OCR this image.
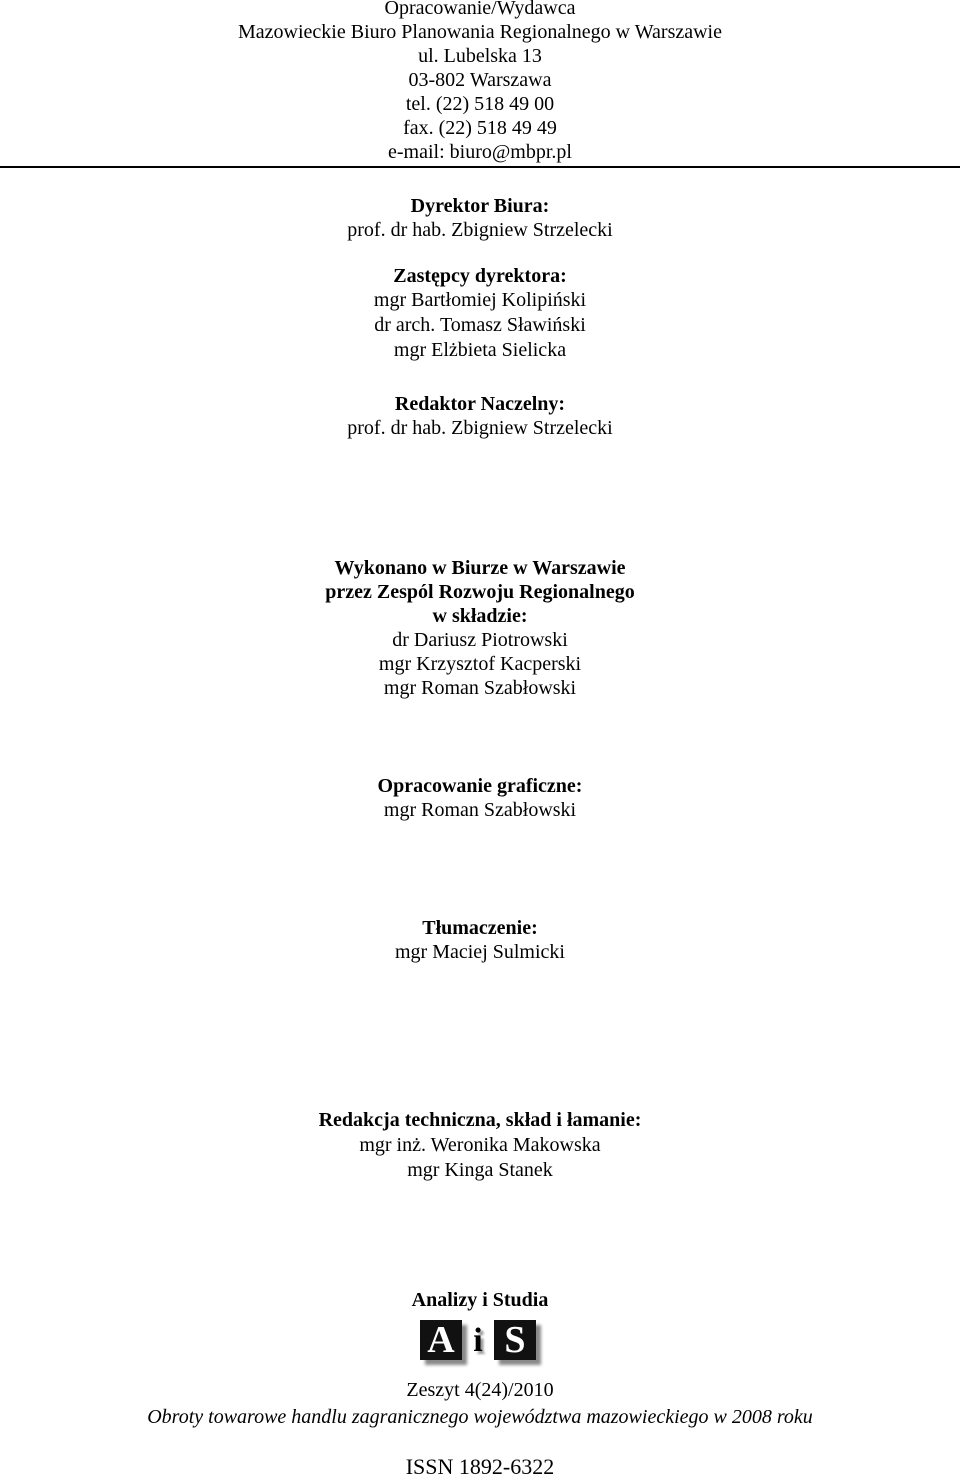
Opracowanie/Wydawca
Mazowieckie Biuro Planowania Regionalnego w Warszawie
ul. Lubelska 13
03-802 Warszawa
tel. (22) 518 49 00
fax. (22) 518 49 49
e-mail: biuro@mbpr.pl
Dyrektor Biura:
prof. dr hab. Zbigniew Strzelecki
Zastępcy dyrektora:
mgr Bartłomiej Kolipiński
dr arch. Tomasz Sławiński
mgr Elżbieta Sielicka
Redaktor Naczelny:
prof. dr hab. Zbigniew Strzelecki
Wykonano w Biurze w Warszawie
przez Zespól Rozwoju Regionalnego
w składzie:
dr Dariusz Piotrowski
mgr Krzysztof Kacperski
mgr Roman Szabłowski
Opracowanie graficzne:
mgr Roman Szabłowski
Tłumaczenie:
mgr Maciej Sulmicki
Redakcja techniczna, skład i łamanie:
mgr inż. Weronika Makowska
mgr Kinga Stanek
Analizy i Studia
A i S
Zeszyt 4(24)/2010
Obroty towarowe handlu zagranicznego województwa mazowieckiego w 2008 roku
ISSN 1892-6322
